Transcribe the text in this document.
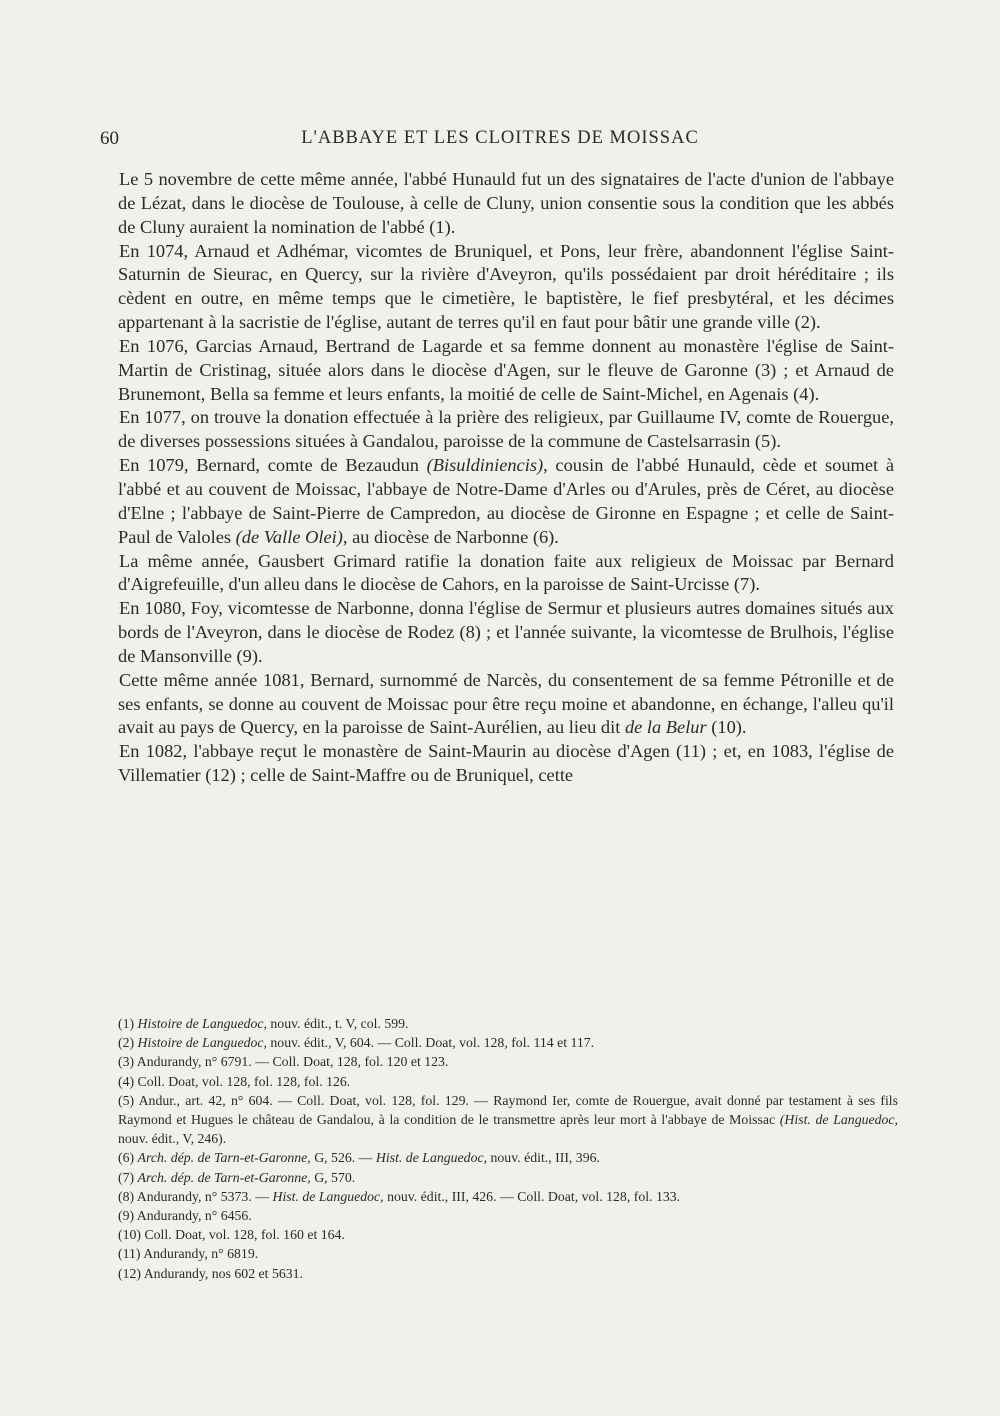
60	L'ABBAYE ET LES CLOITRES DE MOISSAC

Le 5 novembre de cette même année, l'abbé Hunauld fut un des signataires de l'acte d'union de l'abbaye de Lézat, dans le diocèse de Toulouse, à celle de Cluny, union consentie sous la condition que les abbés de Cluny auraient la nomination de l'abbé (1).

En 1074, Arnaud et Adhémar, vicomtes de Bruniquel, et Pons, leur frère, abandonnent l'église Saint-Saturnin de Sieurac, en Quercy, sur la rivière d'Aveyron, qu'ils possédaient par droit héréditaire ; ils cèdent en outre, en même temps que le cimetière, le baptistère, le fief presbytéral, et les décimes appartenant à la sacristie de l'église, autant de terres qu'il en faut pour bâtir une grande ville (2).

En 1076, Garcias Arnaud, Bertrand de Lagarde et sa femme donnent au monastère l'église de Saint-Martin de Cristinag, située alors dans le diocèse d'Agen, sur le fleuve de Garonne (3) ; et Arnaud de Brunemont, Bella sa femme et leurs enfants, la moitié de celle de Saint-Michel, en Agenais (4).

En 1077, on trouve la donation effectuée à la prière des religieux, par Guillaume IV, comte de Rouergue, de diverses possessions situées à Gandalou, paroisse de la commune de Castelsarrasin (5).

En 1079, Bernard, comte de Bezaudun (Bisuldiniencis), cousin de l'abbé Hunauld, cède et soumet à l'abbé et au couvent de Moissac, l'abbaye de Notre-Dame d'Arles ou d'Arules, près de Céret, au diocèse d'Elne ; l'abbaye de Saint-Pierre de Campredon, au diocèse de Gironne en Espagne ; et celle de Saint-Paul de Valoles (de Valle Olei), au diocèse de Narbonne (6).

La même année, Gausbert Grimard ratifie la donation faite aux religieux de Moissac par Bernard d'Aigrefeuille, d'un alleu dans le diocèse de Cahors, en la paroisse de Saint-Urcisse (7).

En 1080, Foy, vicomtesse de Narbonne, donna l'église de Sermur et plusieurs autres domaines situés aux bords de l'Aveyron, dans le diocèse de Rodez (8) ; et l'année suivante, la vicomtesse de Brulhois, l'église de Mansonville (9).

Cette même année 1081, Bernard, surnommé de Narcès, du consentement de sa femme Pétronille et de ses enfants, se donne au couvent de Moissac pour être reçu moine et abandonne, en échange, l'alleu qu'il avait au pays de Quercy, en la paroisse de Saint-Aurélien, au lieu dit de la Belur (10).

En 1082, l'abbaye reçut le monastère de Saint-Maurin au diocèse d'Agen (11) ; et, en 1083, l'église de Villematier (12) ; celle de Saint-Maffre ou de Bruniquel, cette

(1) Histoire de Languedoc, nouv. édit., t. V, col. 599.

(2) Histoire de Languedoc, nouv. édit., V, 604. — Coll. Doat, vol. 128, fol. 114 et 117.

(3) Andurandy, n° 6791. — Coll. Doat, 128, fol. 120 et 123.

(4) Coll. Doat, vol. 128, fol. 128, fol. 126.

(5) Andur., art. 42, n° 604. — Coll. Doat, vol. 128, fol. 129. — Raymond Ier, comte de Rouergue, avait donné par testament à ses fils Raymond et Hugues le château de Gandalou, à la condition de le transmettre après leur mort à l'abbaye de Moissac (Hist. de Languedoc, nouv. édit., V, 246).

(6) Arch. dép. de Tarn-et-Garonne, G, 526. — Hist. de Languedoc, nouv. édit., III, 396.

(7) Arch. dép. de Tarn-et-Garonne, G, 570.

(8) Andurandy, n° 5373. — Hist. de Languedoc, nouv. édit., III, 426. — Coll. Doat, vol. 128, fol. 133.

(9) Andurandy, n° 6456.

(10) Coll. Doat, vol. 128, fol. 160 et 164.

(11) Andurandy, n° 6819.

(12) Andurandy, nos 602 et 5631.
